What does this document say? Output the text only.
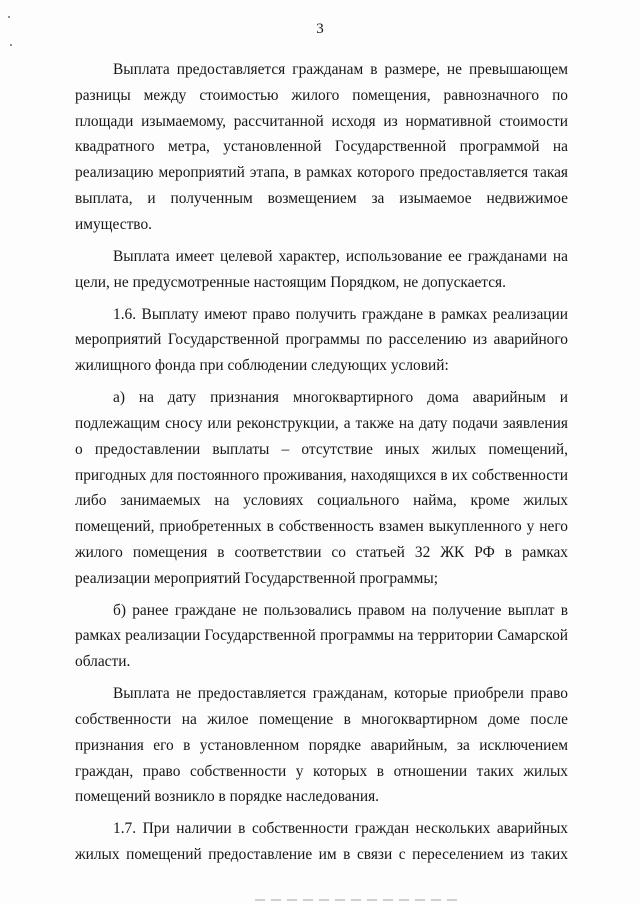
3

Выплата предоставляется гражданам в размере, не превышающем разницы между стоимостью жилого помещения, равнозначного по площади изымаемому, рассчитанной исходя из нормативной стоимости квадратного метра, установленной Государственной программой на реализацию мероприятий этапа, в рамках которого предоставляется такая выплата, и полученным возмещением за изымаемое недвижимое имущество.

Выплата имеет целевой характер, использование ее гражданами на цели, не предусмотренные настоящим Порядком, не допускается.

1.6. Выплату имеют право получить граждане в рамках реализации мероприятий Государственной программы по расселению из аварийного жилищного фонда при соблюдении следующих условий:

а) на дату признания многоквартирного дома аварийным и подлежащим сносу или реконструкции, а также на дату подачи заявления о предоставлении выплаты – отсутствие иных жилых помещений, пригодных для постоянного проживания, находящихся в их собственности либо занимаемых на условиях социального найма, кроме жилых помещений, приобретенных в собственность взамен выкупленного у него жилого помещения в соответствии со статьей 32 ЖК РФ в рамках реализации мероприятий Государственной программы;

б) ранее граждане не пользовались правом на получение выплат в рамках реализации Государственной программы на территории Самарской области.

Выплата не предоставляется гражданам, которые приобрели право собственности на жилое помещение в многоквартирном доме после признания его в установленном порядке аварийным, за исключением граждан, право собственности у которых в отношении таких жилых помещений возникло в порядке наследования.

1.7. При наличии в собственности граждан нескольких аварийных жилых помещений предоставление им в связи с переселением из таких
